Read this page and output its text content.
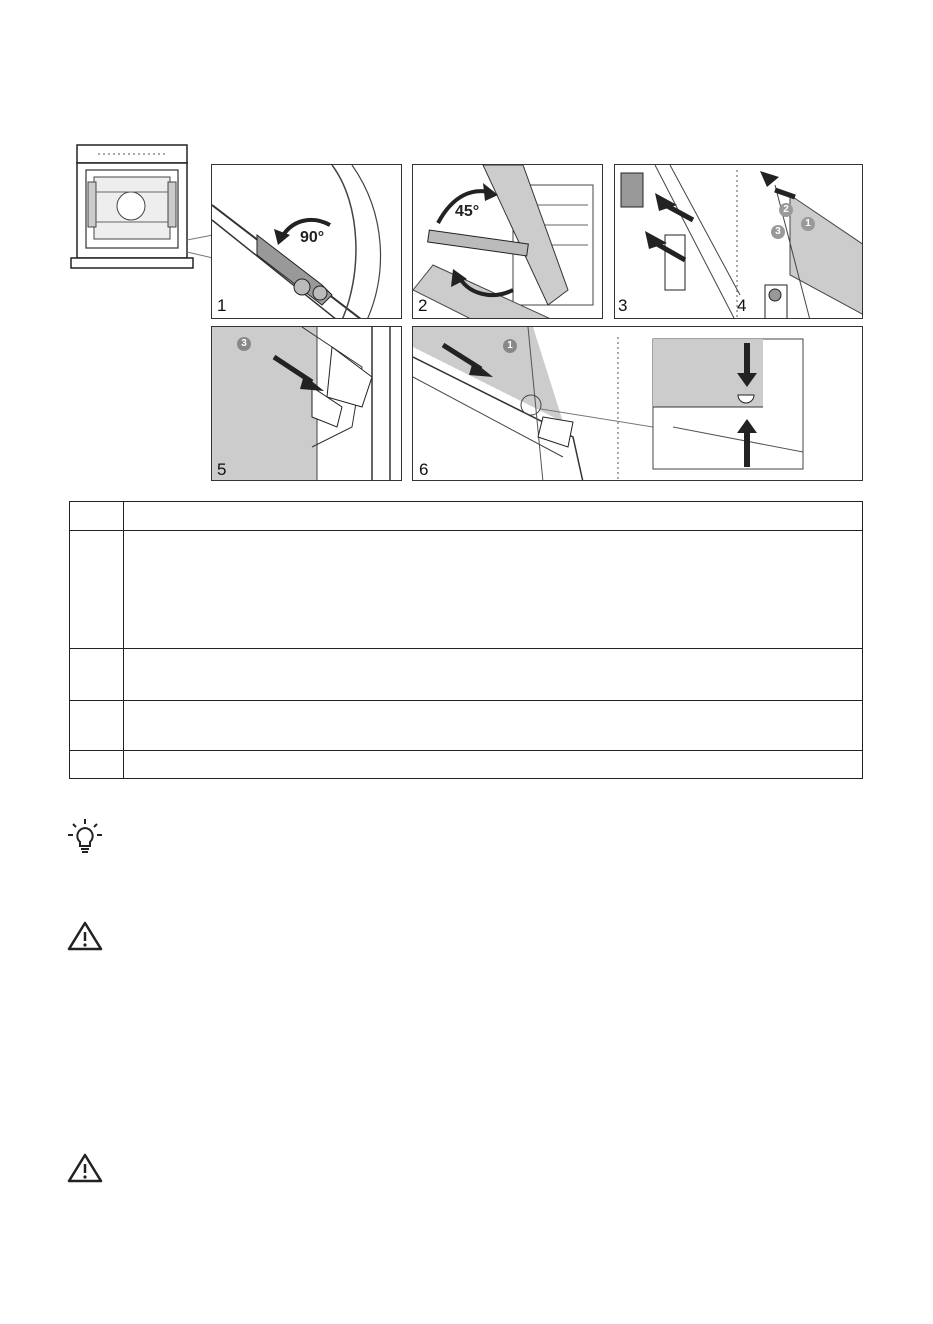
90°
1
45°
2
2
1
3
3	4
3
5
1
6
